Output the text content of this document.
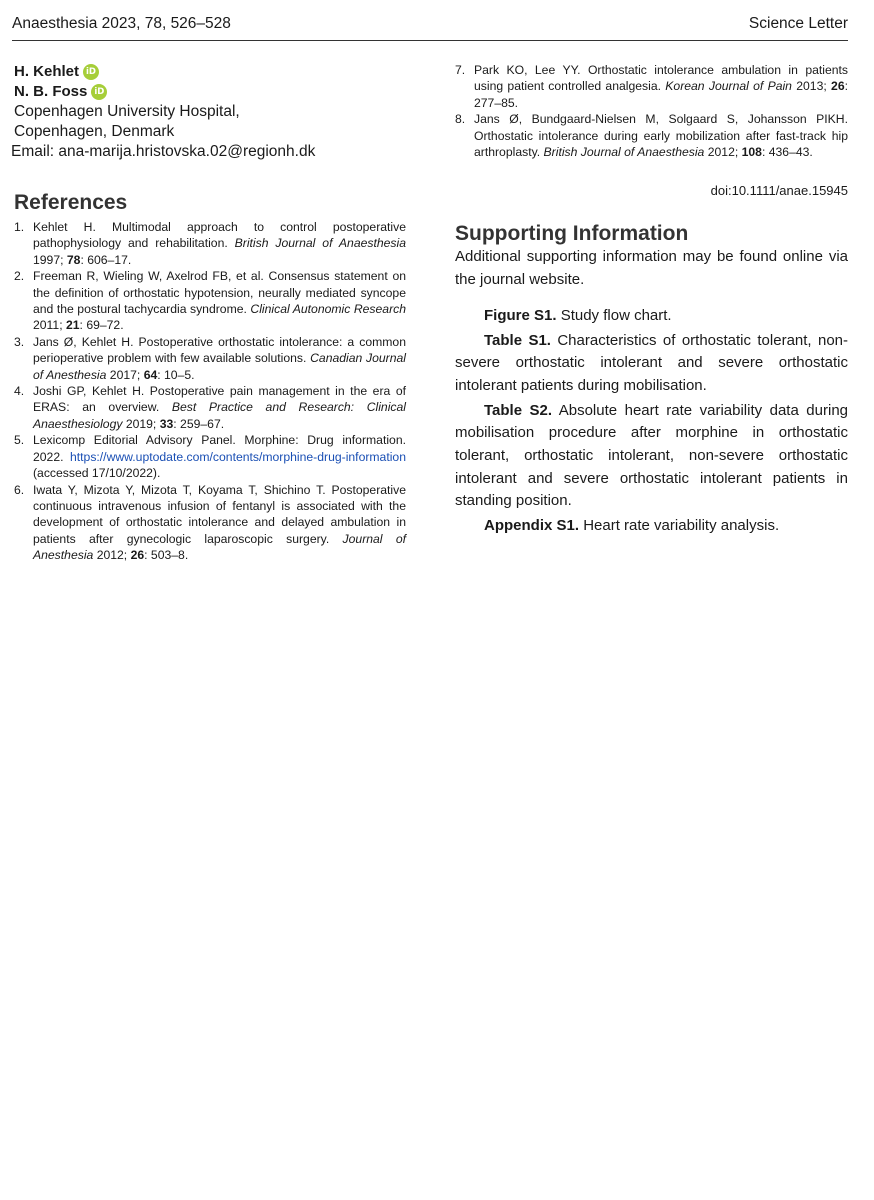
Anaesthesia 2023, 78, 526–528	Science Letter
H. Kehlet iD
N. B. Foss iD
Copenhagen University Hospital,
Copenhagen, Denmark
Email: ana-marija.hristovska.02@regionh.dk
References
1. Kehlet H. Multimodal approach to control postoperative pathophysiology and rehabilitation. British Journal of Anaesthesia 1997; 78: 606–17.
2. Freeman R, Wieling W, Axelrod FB, et al. Consensus statement on the definition of orthostatic hypotension, neurally mediated syncope and the postural tachycardia syndrome. Clinical Autonomic Research 2011; 21: 69–72.
3. Jans Ø, Kehlet H. Postoperative orthostatic intolerance: a common perioperative problem with few available solutions. Canadian Journal of Anesthesia 2017; 64: 10–5.
4. Joshi GP, Kehlet H. Postoperative pain management in the era of ERAS: an overview. Best Practice and Research: Clinical Anaesthesiology 2019; 33: 259–67.
5. Lexicomp Editorial Advisory Panel. Morphine: Drug information. 2022. https://www.uptodate.com/contents/morphine-drug-information (accessed 17/10/2022).
6. Iwata Y, Mizota Y, Mizota T, Koyama T, Shichino T. Postoperative continuous intravenous infusion of fentanyl is associated with the development of orthostatic intolerance and delayed ambulation in patients after gynecologic laparoscopic surgery. Journal of Anesthesia 2012; 26: 503–8.
7. Park KO, Lee YY. Orthostatic intolerance ambulation in patients using patient controlled analgesia. Korean Journal of Pain 2013; 26: 277–85.
8. Jans Ø, Bundgaard-Nielsen M, Solgaard S, Johansson PIKH. Orthostatic intolerance during early mobilization after fast-track hip arthroplasty. British Journal of Anaesthesia 2012; 108: 436–43.
doi:10.1111/anae.15945
Supporting Information
Additional supporting information may be found online via the journal website.
Figure S1. Study flow chart.
Table S1. Characteristics of orthostatic tolerant, non-severe orthostatic intolerant and severe orthostatic intolerant patients during mobilisation.
Table S2. Absolute heart rate variability data during mobilisation procedure after morphine in orthostatic tolerant, orthostatic intolerant, non-severe orthostatic intolerant and severe orthostatic intolerant patients in standing position.
Appendix S1. Heart rate variability analysis.
